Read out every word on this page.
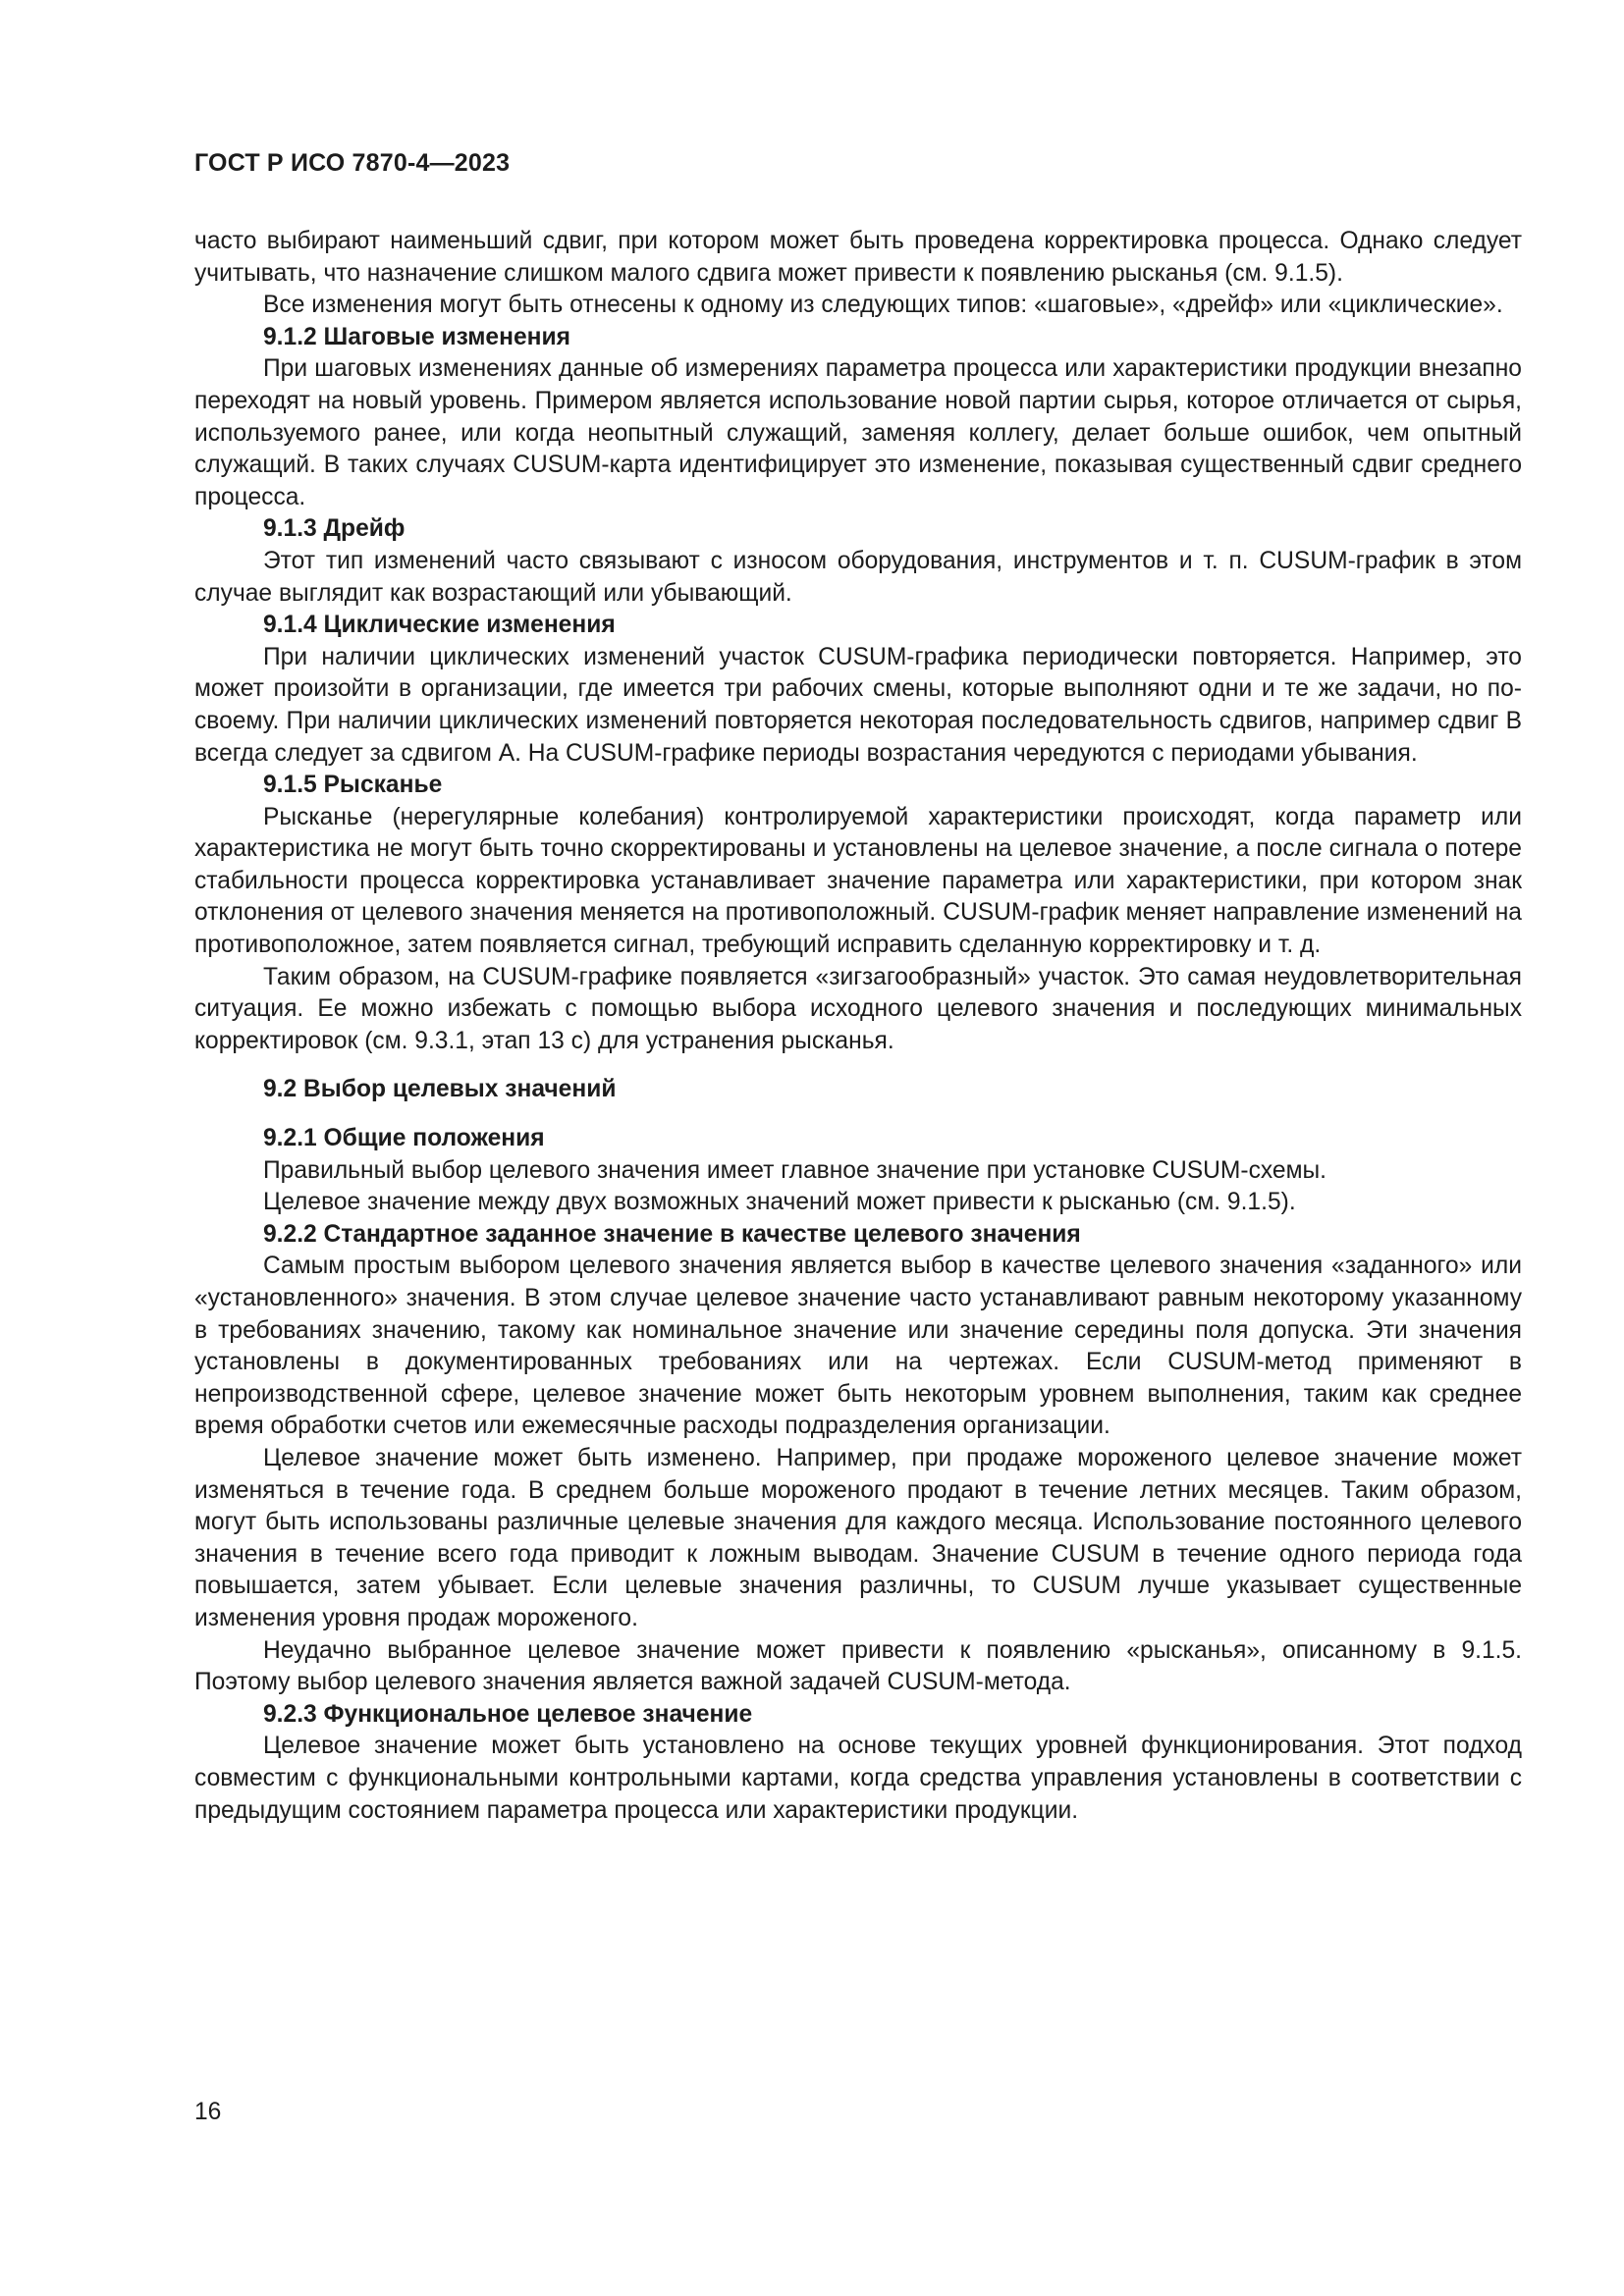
ГОСТ Р ИСО 7870-4—2023

часто выбирают наименьший сдвиг, при котором может быть проведена корректировка процесса. Однако следует учитывать, что назначение слишком малого сдвига может привести к появлению рысканья (см. 9.1.5).

Все изменения могут быть отнесены к одному из следующих типов: «шаговые», «дрейф» или «циклические».

9.1.2 Шаговые изменения

При шаговых изменениях данные об измерениях параметра процесса или характеристики продукции внезапно переходят на новый уровень. Примером является использование новой партии сырья, которое отличается от сырья, используемого ранее, или когда неопытный служащий, заменяя коллегу, делает больше ошибок, чем опытный служащий. В таких случаях CUSUM-карта идентифицирует это изменение, показывая существенный сдвиг среднего процесса.

9.1.3 Дрейф

Этот тип изменений часто связывают с износом оборудования, инструментов и т. п. CUSUM-график в этом случае выглядит как возрастающий или убывающий.

9.1.4 Циклические изменения

При наличии циклических изменений участок CUSUM-графика периодически повторяется. Например, это может произойти в организации, где имеется три рабочих смены, которые выполняют одни и те же задачи, но по-своему. При наличии циклических изменений повторяется некоторая последовательность сдвигов, например сдвиг B всегда следует за сдвигом A. На CUSUM-графике периоды возрастания чередуются с периодами убывания.

9.1.5 Рысканье

Рысканье (нерегулярные колебания) контролируемой характеристики происходят, когда параметр или характеристика не могут быть точно скорректированы и установлены на целевое значение, а после сигнала о потере стабильности процесса корректировка устанавливает значение параметра или характеристики, при котором знак отклонения от целевого значения меняется на противоположный. CUSUM-график меняет направление изменений на противоположное, затем появляется сигнал, требующий исправить сделанную корректировку и т. д.

Таким образом, на CUSUM-графике появляется «зигзагообразный» участок. Это самая неудовлетворительная ситуация. Ее можно избежать с помощью выбора исходного целевого значения и последующих минимальных корректировок (см. 9.3.1, этап 13 c) для устранения рысканья.

9.2 Выбор целевых значений
9.2.1 Общие положения

Правильный выбор целевого значения имеет главное значение при установке CUSUM-схемы.

Целевое значение между двух возможных значений может привести к рысканью (см. 9.1.5).

9.2.2 Стандартное заданное значение в качестве целевого значения

Самым простым выбором целевого значения является выбор в качестве целевого значения «заданного» или «установленного» значения. В этом случае целевое значение часто устанавливают равным некоторому указанному в требованиях значению, такому как номинальное значение или значение середины поля допуска. Эти значения установлены в документированных требованиях или на чертежах. Если CUSUM-метод применяют в непроизводственной сфере, целевое значение может быть некоторым уровнем выполнения, таким как среднее время обработки счетов или ежемесячные расходы подразделения организации.

Целевое значение может быть изменено. Например, при продаже мороженого целевое значение может изменяться в течение года. В среднем больше мороженого продают в течение летних месяцев. Таким образом, могут быть использованы различные целевые значения для каждого месяца. Использование постоянного целевого значения в течение всего года приводит к ложным выводам. Значение CUSUM в течение одного периода года повышается, затем убывает. Если целевые значения различны, то CUSUM лучше указывает существенные изменения уровня продаж мороженого.

Неудачно выбранное целевое значение может привести к появлению «рысканья», описанному в 9.1.5. Поэтому выбор целевого значения является важной задачей CUSUM-метода.

9.2.3 Функциональное целевое значение

Целевое значение может быть установлено на основе текущих уровней функционирования. Этот подход совместим с функциональными контрольными картами, когда средства управления установлены в соответствии с предыдущим состоянием параметра процесса или характеристики продукции.

16
